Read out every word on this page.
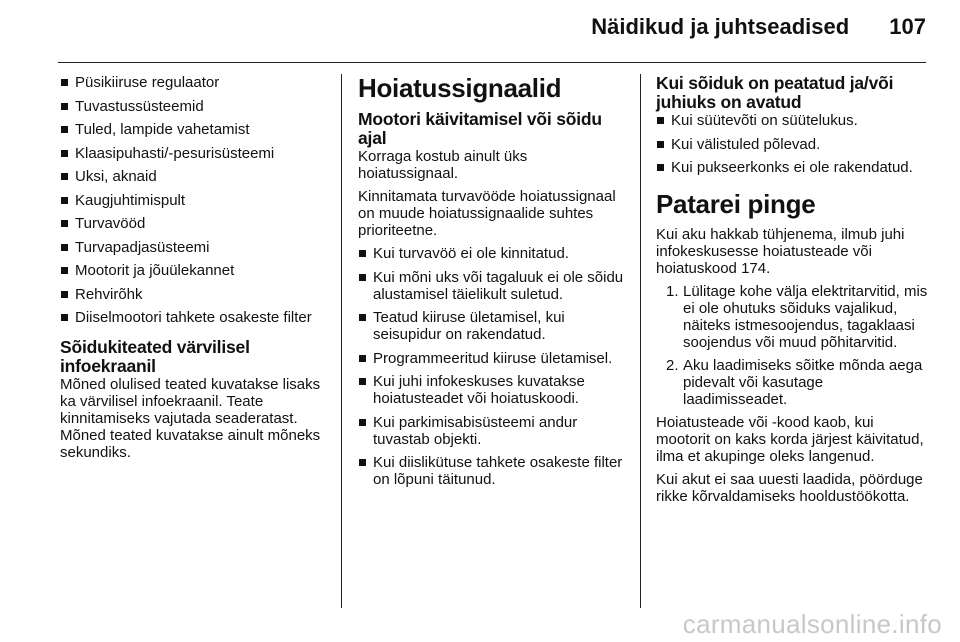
Näidikud ja juhtseadised 107
Püsikiiruse regulaator
Tuvastussüsteemid
Tuled, lampide vahetamist
Klaasipuhasti/-pesurisüsteemi
Uksi, aknaid
Kaugjuhtimispult
Turvavööd
Turvapadjasüsteemi
Mootorit ja jõuülekannet
Rehvirõhk
Diiselmootori tahkete osakeste filter
Sõidukiteated värvilisel infoekraanil

Mõned olulised teated kuvatakse lisaks ka värvilisel infoekraanil. Teate kinnitamiseks vajutada seaderatast. Mõned teated kuvatakse ainult mõneks sekundiks.

Hoiatussignaalid
Mootori käivitamisel või sõidu ajal

Korraga kostub ainult üks hoiatussignaal.

Kinnitamata turvavööde hoiatussignaal on muude hoiatussignaalide suhtes prioriteetne.

Kui turvavöö ei ole kinnitatud.
Kui mõni uks või tagaluuk ei ole sõidu alustamisel täielikult suletud.
Teatud kiiruse ületamisel, kui seisupidur on rakendatud.
Programmeeritud kiiruse ületamisel.
Kui juhi infokeskuses kuvatakse hoiatusteadet või hoiatuskoodi.
Kui parkimisabisüsteemi andur tuvastab objekti.
Kui diislikütuse tahkete osakeste filter on lõpuni täitunud.
Kui sõiduk on peatatud ja/või juhiuks on avatud
Kui süütevõti on süütelukus.
Kui välistuled põlevad.
Kui pukseerkonks ei ole rakendatud.
Patarei pinge

Kui aku hakkab tühjenema, ilmub juhi infokeskusesse hoiatusteade või hoiatuskood 174.

1. Lülitage kohe välja elektritarvitid, mis ei ole ohutuks sõiduks vajalikud, näiteks istmesoojendus, tagaklaasi soojendus või muud põhitarvitid.
2. Aku laadimiseks sõitke mõnda aega pidevalt või kasutage laadimisseadet.

Hoiatusteade või -kood kaob, kui mootorit on kaks korda järjest käivitatud, ilma et akupinge oleks langenud.

Kui akut ei saa uuesti laadida, pöörduge rikke kõrvaldamiseks hooldustöökotta.

carmanualsonline.info
